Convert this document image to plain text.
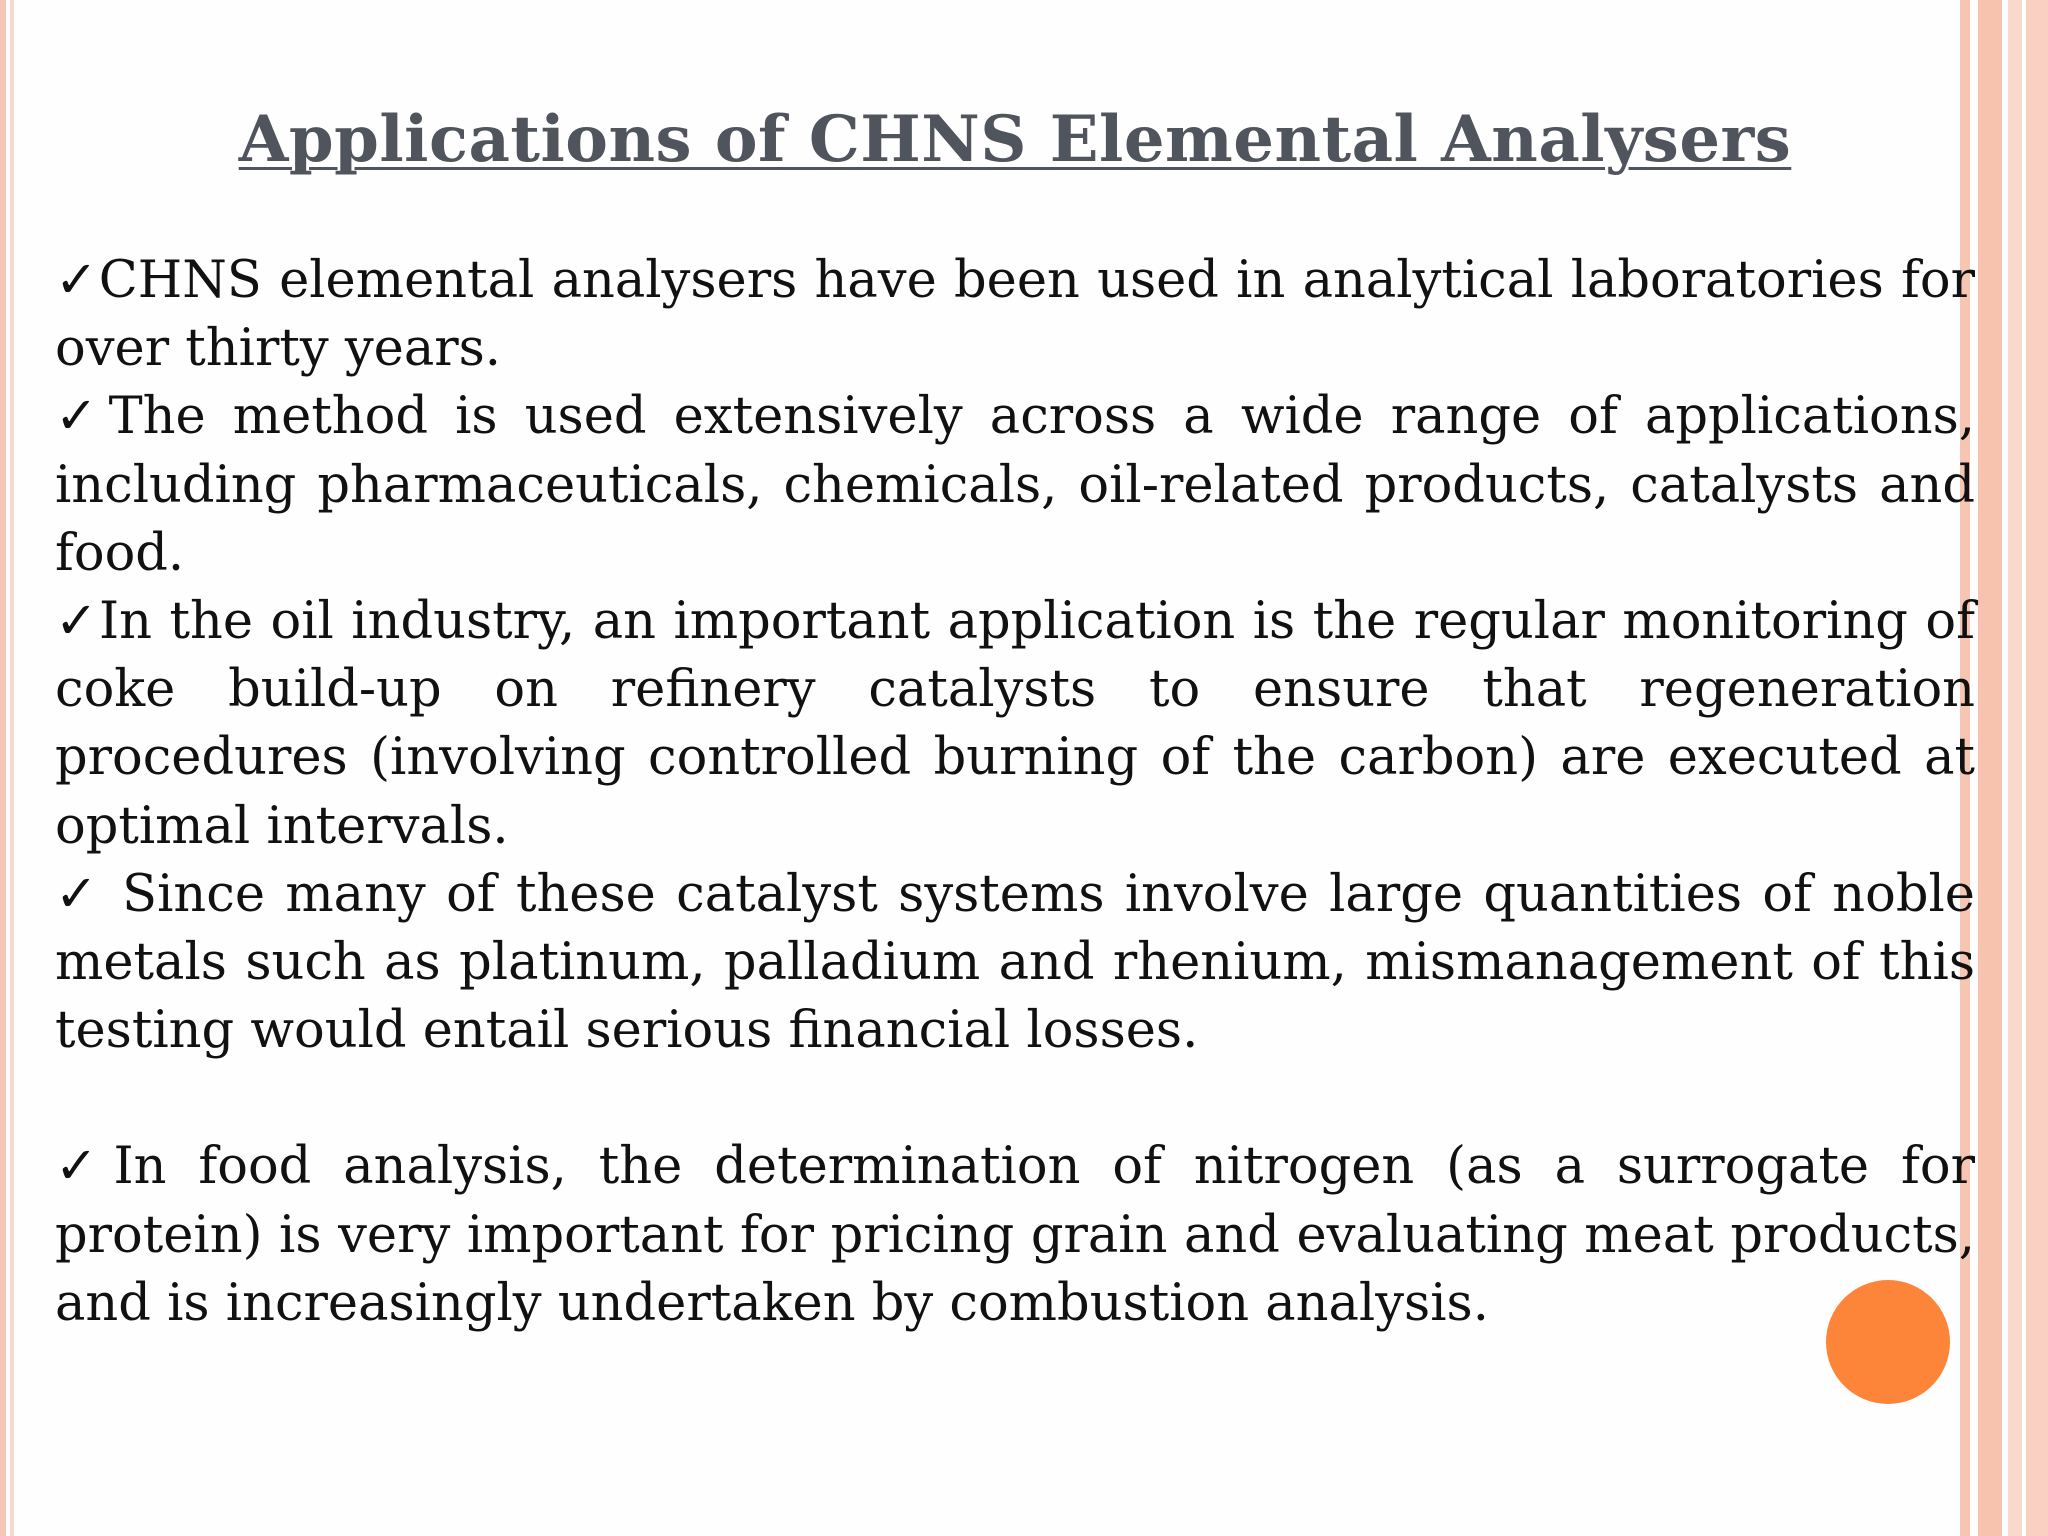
Applications of CHNS Elemental Analysers

✓CHNS elemental analysers have been used in analytical laboratories for over thirty years.

✓The method is used extensively across a wide range of applications, including pharmaceuticals, chemicals, oil-related products, catalysts and food.

✓In the oil industry, an important application is the regular monitoring of coke build-up on refinery catalysts to ensure that regeneration procedures (involving controlled burning of the carbon) are executed at optimal intervals.

✓ Since many of these catalyst systems involve large quantities of noble metals such as platinum, palladium and rhenium, mismanagement of this testing would entail serious financial losses.

✓In food analysis, the determination of nitrogen (as a surrogate for protein) is very important for pricing grain and evaluating meat products, and is increasingly undertaken by combustion analysis.
